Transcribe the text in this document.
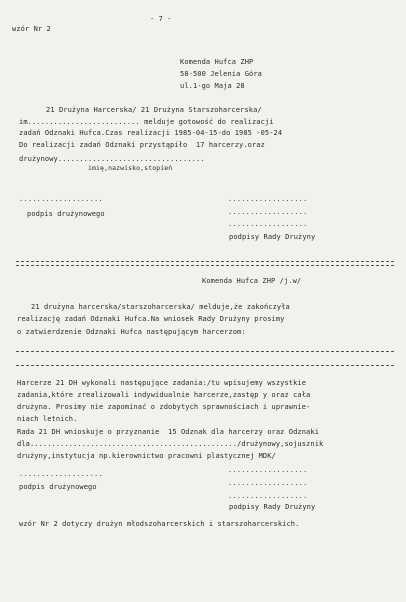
wzór Nr 2
- 7 -
Komenda Hufca ZHP
58-500 Jelenia Góra
ul.1-go Maja 28
21 Drużyna Harcerska/ 21 Drużyna Starszoharcerska/
im.......................... melduje gotowość do realizacji
zadań Odznaki Hufca.Czas realizacji 1985-04-15-do 1985 -05-24
Do realizacji zadań Odznaki przystąpiło  17 harcerzy.oraz
drużynowy..................................
imię,nazwisko,stopień
...................	..................
..................
..................
podpis drużynowego
podpisy Rady Drużyny
Komenda Hufca ZHP /j.w/
21 drużyna harcerska/starszoharcerska/ melduje,że zakończyła
realizację zadań Odznaki Hufca.Na wniosek Rady Drużyny prosimy
o zatwierdzenie Odznaki Hufca następującym harcerzom:
Harcerze 21 DH wykonali następujące zadania:/tu wpisujemy wszystkie
zadania,które zrealizowali indywidualnie harcerze,zastęp y oraz cała
drużyna. Prosimy nie zapominać o zdobytych sprawnościach i uprawnie-
niach letnich.
Rada 21 DH wnioskuje o przyznanie  15 Odznak dla harcerzy oraz Odznaki
dla................................................/drużynowy,sojusznik
drużyny,instytucja np.kierownictwo pracowni plastycznej MDK/
...................	..................
..................
..................
podpis drużynowego
podpisy Rady Drużyny
wzór Nr 2 dotyczy drużyn młodszoharcerskich i starszoharcerskich.
